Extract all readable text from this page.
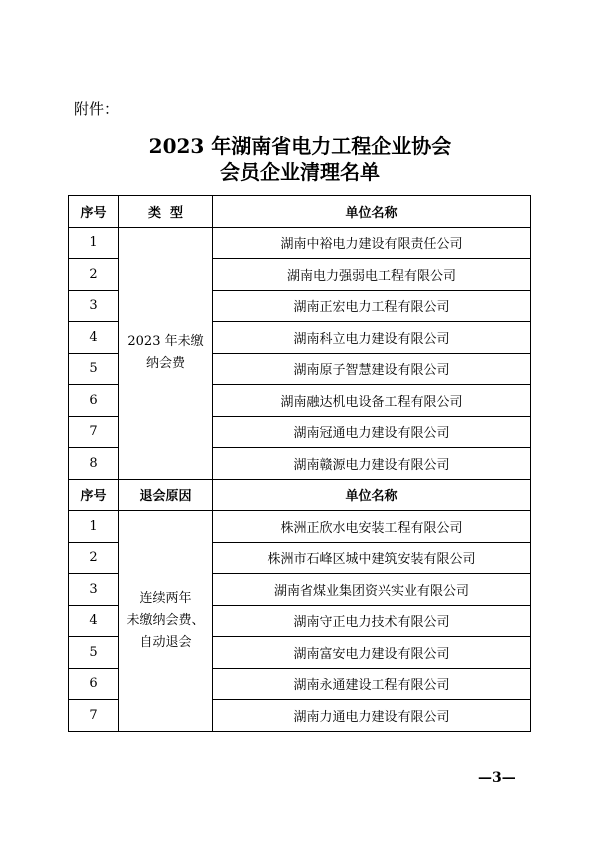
附件：
2023 年湖南省电力工程企业协会
会员企业清理名单
序号	类  型	单位名称
1	2023 年未缴
纳会费	湖南中裕电力建设有限责任公司
2		湖南电力强弱电工程有限公司
3		湖南正宏电力工程有限公司
4		湖南科立电力建设有限公司
5		湖南原子智慧建设有限公司
6		湖南融达机电设备工程有限公司
7		湖南冠通电力建设有限公司
8		湖南赣源电力建设有限公司
序号	退会原因	单位名称
1	连续两年
未缴纳会费、
自动退会	株洲正欣水电安装工程有限公司
2		株洲市石峰区城中建筑安装有限公司
3		湖南省煤业集团资兴实业有限公司
4		湖南守正电力技术有限公司
5		湖南富安电力建设有限公司
6		湖南永通建设工程有限公司
7		湖南力通电力建设有限公司
—3—
